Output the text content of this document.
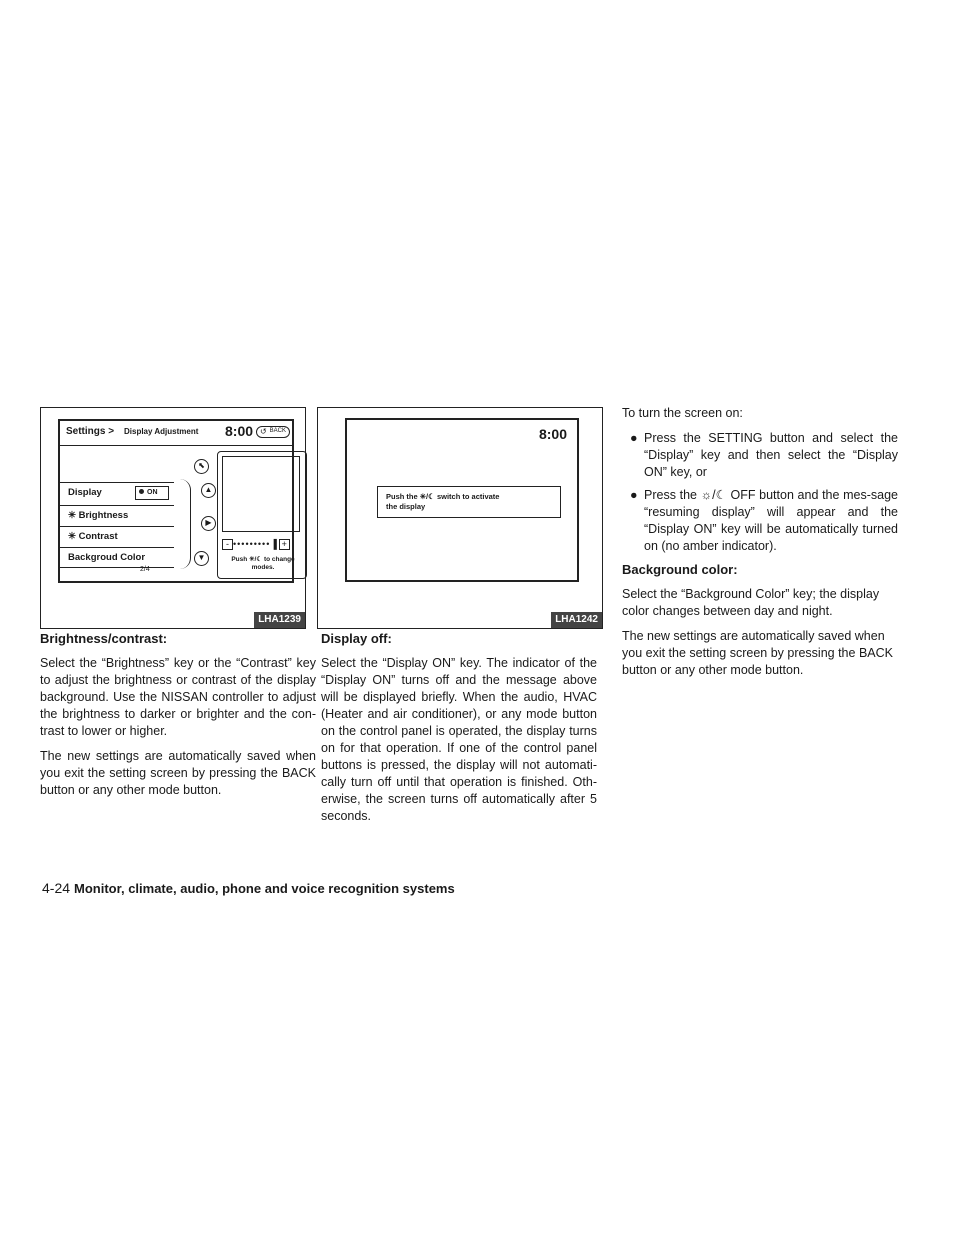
Settings > Display Adjustment 8:00 ↺ BACK
Display	ON
✳ Brightness
✳ Contrast
Backgroud Color
⬉
▲
▶
▼
2/4
- •••••••••▐ +
Push ✳/☾ to change
modes.
LHA1239
8:00
Push the ✳/☾ switch to activate
the display
LHA1242

Brightness/contrast:

Select the “Brightness” key or the “Contrast” key to adjust the brightness or contrast of the display background. Use the NISSAN controller to adjust the brightness to darker or brighter and the con-trast to lower or higher.

The new settings are automatically saved when you exit the setting screen by pressing the BACK button or any other mode button.

Display off:

Select the “Display ON” key. The indicator of the “Display ON” turns off and the message above will be displayed briefly. When the audio, HVAC (Heater and air conditioner), or any mode button on the control panel is operated, the display turns on for that operation. If one of the control panel buttons is pressed, the display will not automati-cally turn off until that operation is finished. Oth-erwise, the screen turns off automatically after 5 seconds.

To turn the screen on:

● Press the SETTING button and select the “Display” key and then select the “Display ON” key, or
● Press the ☼/☾ OFF button and the mes-sage “resuming display” will appear and the “Display ON” key will be automatically turned on (no amber indicator).

Background color:

Select the “Background Color” key; the display color changes between day and night.

The new settings are automatically saved when you exit the setting screen by pressing the BACK button or any other mode button.

4-24 Monitor, climate, audio, phone and voice recognition systems
